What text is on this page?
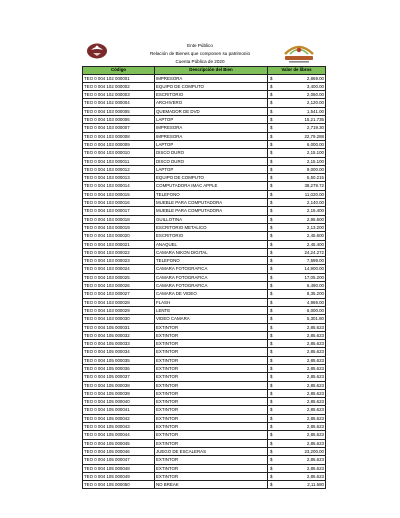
Ente Público
Relación de Bienes que componen su patrimonio
Cuenta Pública de 2020
Código	Descripción del Bien	Valor de libros
TEO 0 004 102 000001	IMPRESORA	$ 2,869.00
TEO 0 004 102 000002	EQUIPO DE COMPUTO	$ 3,400.00
TEO 0 004 102 000003	ESCRITORIO	$ 2,060.00
TEO 0 004 102 000004	ARCHIVERO	$ 2,120.00
TEO 0 004 103 000005	QUEMADOR DE DVD	$ 1,541.00
TEO 0 004 103 000006	LAPTOP	$ 15,21.735
TEO 0 004 103 000007	IMPRESORA	$ 2,719.30
TEO 0 004 103 000008	IMPRESORA	$ 22,79.288
TEO 0 004 103 000009	LAPTOP	$ 6,000.00
TEO 0 004 103 000010	DISCO DURO	$ 2,15.100
TEO 0 004 103 000011	DISCO DURO	$ 2,15.100
TEO 0 004 103 000012	LAPTOP	$ 9,000.00
TEO 0 004 103 000013	EQUIPO DE COMPUTO	$ 5,50.215
TEO 0 004 103 000014	COMPUTADORA IMAC APPLE	$ 38,279.72
TEO 0 004 103 000015	TELEFONO	$ 11,020.00
TEO 0 004 103 000016	MUEBLE PARA COMPUTADORA	$ 2,140.00
TEO 0 004 103 000017	MUEBLE PARA COMPUTADORA	$ 2,15.400
TEO 0 004 103 000018	GUILLOTINA	$ 2,95.500
TEO 0 004 103 000019	ESCRITORIO METALICO	$ 2,13.200
TEO 0 004 103 000020	ESCRITORIO	$ 2,45.600
TEO 0 004 103 000021	ANAQUEL	$ 2,45.400
TEO 0 004 103 000022	CAMARA NIKON DIGITAL	$ 24,24.272
TEO 0 004 103 000023	TELEFONO	$ 7,599.00
TEO 0 004 103 000024	CAMARA FOTOGRAFICA	$ 14,900.00
TEO 0 004 103 000025	CAMARA FOTOGRAFICA	$ 17,05.200
TEO 0 004 103 000026	CAMARA FOTOGRAFICA	$ 6,490.00
TEO 0 004 103 000027	CAMARA DE VIDEO	$ 8,35.200
TEO 0 004 103 000028	FLASH	$ 4,969.00
TEO 0 004 103 000029	LENTE	$ 6,000.00
TEO 0 004 103 000030	VIDEO CAMARA	$ 5,301.80
TEO 0 004 105 000031	EXTINTOR	$ 2,85.623
TEO 0 004 105 000032	EXTINTOR	$ 2,85.623
TEO 0 004 105 000033	EXTINTOR	$ 2,85.623
TEO 0 004 105 000034	EXTINTOR	$ 2,85.623
TEO 0 004 105 000035	EXTINTOR	$ 2,85.623
TEO 0 004 105 000036	EXTINTOR	$ 2,85.623
TEO 0 004 105 000037	EXTINTOR	$ 2,85.623
TEO 0 004 105 000038	EXTINTOR	$ 2,85.623
TEO 0 004 105 000039	EXTINTOR	$ 2,85.623
TEO 0 004 105 000040	EXTINTOR	$ 2,85.623
TEO 0 004 105 000041	EXTINTOR	$ 2,85.623
TEO 0 004 105 000042	EXTINTOR	$ 2,85.623
TEO 0 004 105 000043	EXTINTOR	$ 2,85.623
TEO 0 004 105 000044	EXTINTOR	$ 2,85.623
TEO 0 004 105 000045	EXTINTOR	$ 2,85.623
TEO 0 004 105 000046	JUEGO DE ESCALERAS	$ 23,200.00
TEO 0 004 105 000047	EXTINTOR	$ 2,85.623
TEO 0 004 105 000048	EXTINTOR	$ 2,85.623
TEO 0 004 105 000049	EXTINTOR	$ 2,85.623
TEO 0 004 105 000050	NO BREAK	$ 2,11.580
